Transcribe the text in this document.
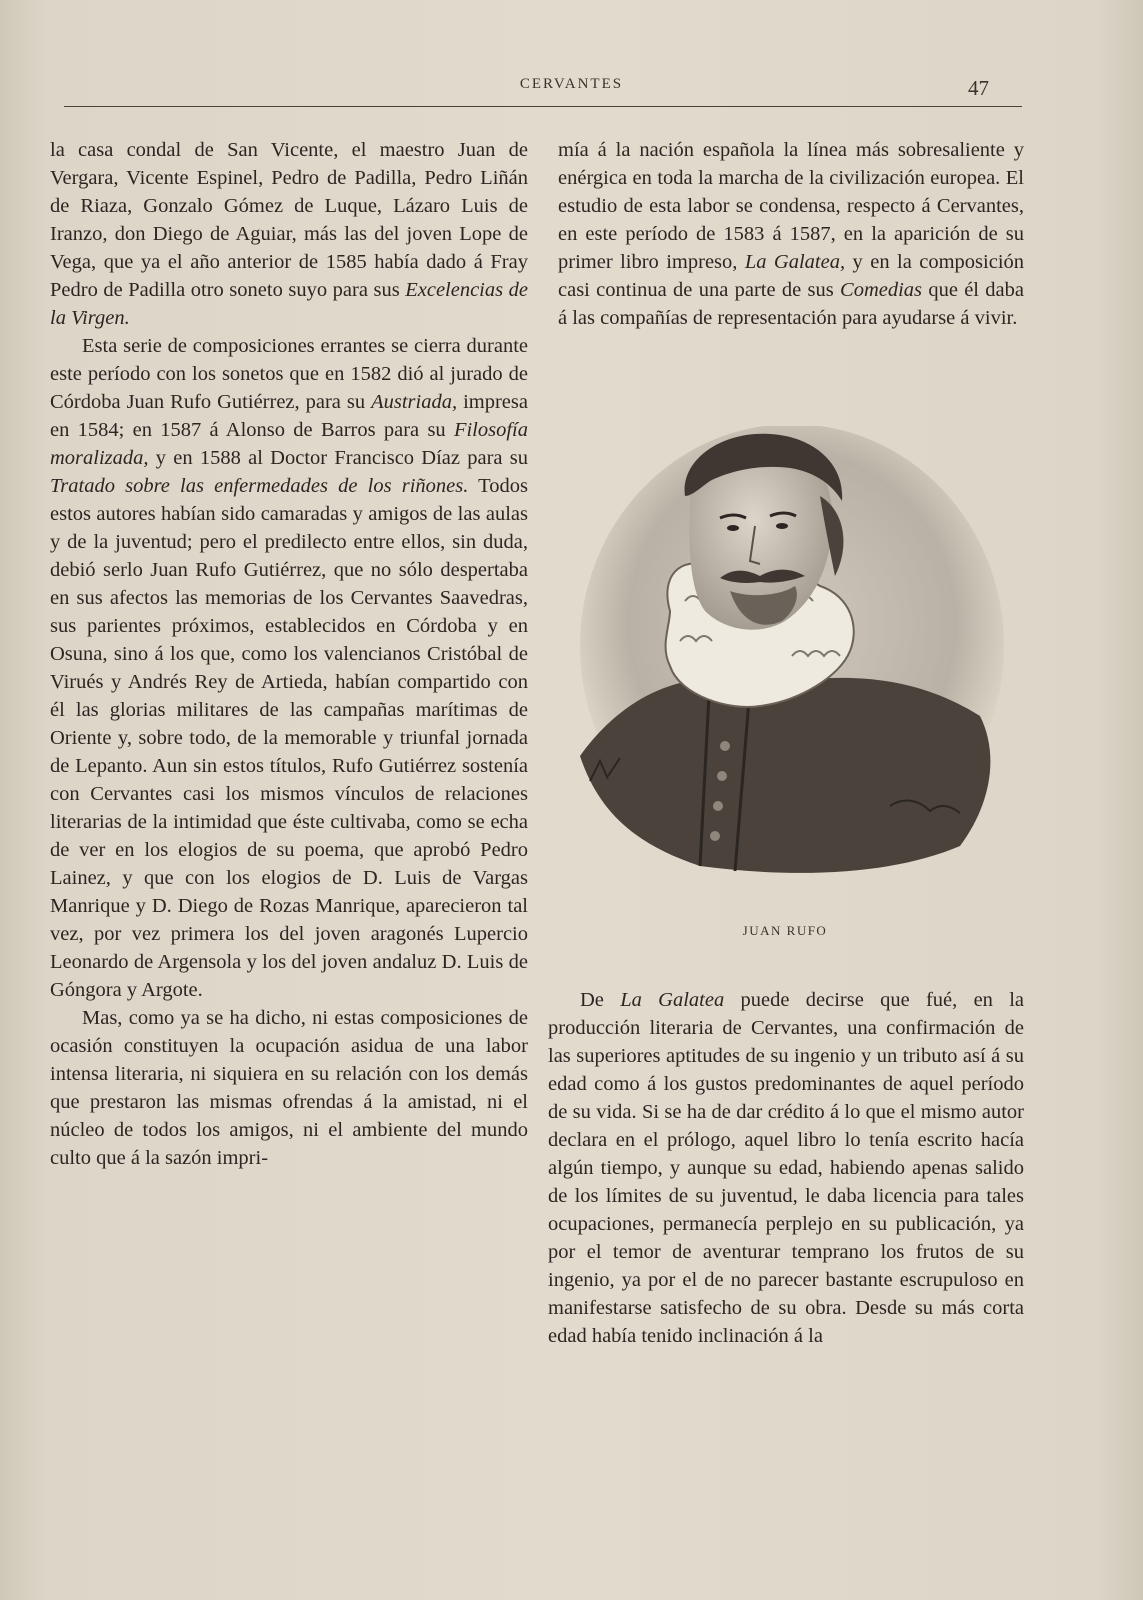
CERVANTES	47

la casa condal de San Vicente, el maestro Juan de Vergara, Vicente Espinel, Pedro de Padilla, Pedro Liñán de Riaza, Gonzalo Gómez de Luque, Lázaro Luis de Iranzo, don Diego de Aguiar, más las del joven Lope de Vega, que ya el año anterior de 1585 había dado á Fray Pedro de Padilla otro soneto suyo para sus Excelencias de la Virgen.

Esta serie de composiciones errantes se cierra durante este período con los sonetos que en 1582 dió al jurado de Córdoba Juan Rufo Gutiérrez, para su Austriada, impresa en 1584; en 1587 á Alonso de Barros para su Filosofía moralizada, y en 1588 al Doctor Francisco Díaz para su Tratado sobre las enfermedades de los riñones. Todos estos autores habían sido camaradas y amigos de las aulas y de la juventud; pero el predilecto entre ellos, sin duda, debió serlo Juan Rufo Gutiérrez, que no sólo despertaba en sus afectos las memorias de los Cervantes Saavedras, sus parientes próximos, establecidos en Córdoba y en Osuna, sino á los que, como los valencianos Cristóbal de Virués y Andrés Rey de Artieda, habían compartido con él las glorias militares de las campañas marítimas de Oriente y, sobre todo, de la memorable y triunfal jornada de Lepanto. Aun sin estos títulos, Rufo Gutiérrez sostenía con Cervantes casi los mismos vínculos de relaciones literarias de la intimidad que éste cultivaba, como se echa de ver en los elogios de su poema, que aprobó Pedro Lainez, y que con los elogios de D. Luis de Vargas Manrique y D. Diego de Rozas Manrique, aparecieron tal vez, por vez primera los del joven aragonés Lupercio Leonardo de Argensola y los del joven andaluz D. Luis de Góngora y Argote.

Mas, como ya se ha dicho, ni estas composiciones de ocasión constituyen la ocupación asidua de una labor intensa literaria, ni siquiera en su relación con los demás que prestaron las mismas ofrendas á la amistad, ni el núcleo de todos los amigos, ni el ambiente del mundo culto que á la sazón impri-

mía á la nación española la línea más sobresaliente y enérgica en toda la marcha de la civilización europea. El estudio de esta labor se condensa, respecto á Cervantes, en este período de 1583 á 1587, en la aparición de su primer libro impreso, La Galatea, y en la composición casi continua de una parte de sus Comedias que él daba á las compañías de representación para ayudarse á vivir.

JUAN RUFO

De La Galatea puede decirse que fué, en la producción literaria de Cervantes, una confirmación de las superiores aptitudes de su ingenio y un tributo así á su edad como á los gustos predominantes de aquel período de su vida. Si se ha de dar crédito á lo que el mismo autor declara en el prólogo, aquel libro lo tenía escrito hacía algún tiempo, y aunque su edad, habiendo apenas salido de los límites de su juventud, le daba licencia para tales ocupaciones, permanecía perplejo en su publicación, ya por el temor de aventurar temprano los frutos de su ingenio, ya por el de no parecer bastante escrupuloso en manifestarse satisfecho de su obra. Desde su más corta edad había tenido inclinación á la
